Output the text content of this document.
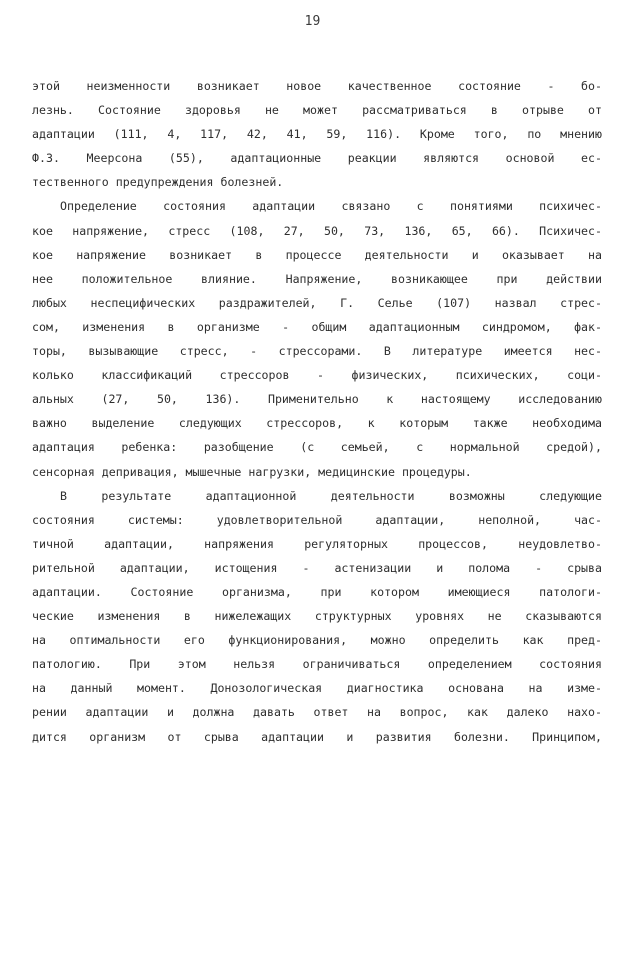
19
этой неизменности возникает новое качественное состояние - бо-
лезнь. Состояние здоровья не может рассматриваться в отрыве от
адаптации (111, 4, 117, 42, 41, 59, 116). Кроме того, по мнению
Ф.З. Меерсона (55), адаптационные реакции являются основой ес-
тественного предупреждения болезней.
Определение состояния адаптации связано с понятиями психичес-
кое напряжение, стресс (108, 27, 50, 73, 136, 65, 66). Психичес-
кое напряжение возникает в процессе деятельности и оказывает на
нее положительное влияние. Напряжение, возникающее при действии
любых неспецифических раздражителей, Г. Селье (107) назвал стрес-
сом, изменения в организме - общим адаптационным синдромом, фак-
торы, вызывающие стресс, - стрессорами. В литературе имеется нес-
колько классификаций стрессоров - физических, психических, соци-
альных (27, 50, 136). Применительно к настоящему исследованию
важно выделение следующих стрессоров, к которым также необходима
адаптация ребенка: разобщение (с семьей, с нормальной средой),
сенсорная депривация, мышечные нагрузки, медицинские процедуры.
В результате адаптационной деятельности возможны следующие
состояния системы: удовлетворительной адаптации, неполной, час-
тичной адаптации, напряжения регуляторных процессов, неудовлетво-
рительной адаптации, истощения - астенизации и полома - срыва
адаптации. Состояние организма, при котором имеющиеся патологи-
ческие изменения в нижележащих структурных уровнях не сказываются
на оптимальности его функционирования, можно определить как пред-
патологию. При этом нельзя ограничиваться определением состояния
на данный момент. Донозологическая диагностика основана на изме-
рении адаптации и должна давать ответ на вопрос, как далеко нахо-
дится организм от срыва адаптации и развития болезни. Принципом,
